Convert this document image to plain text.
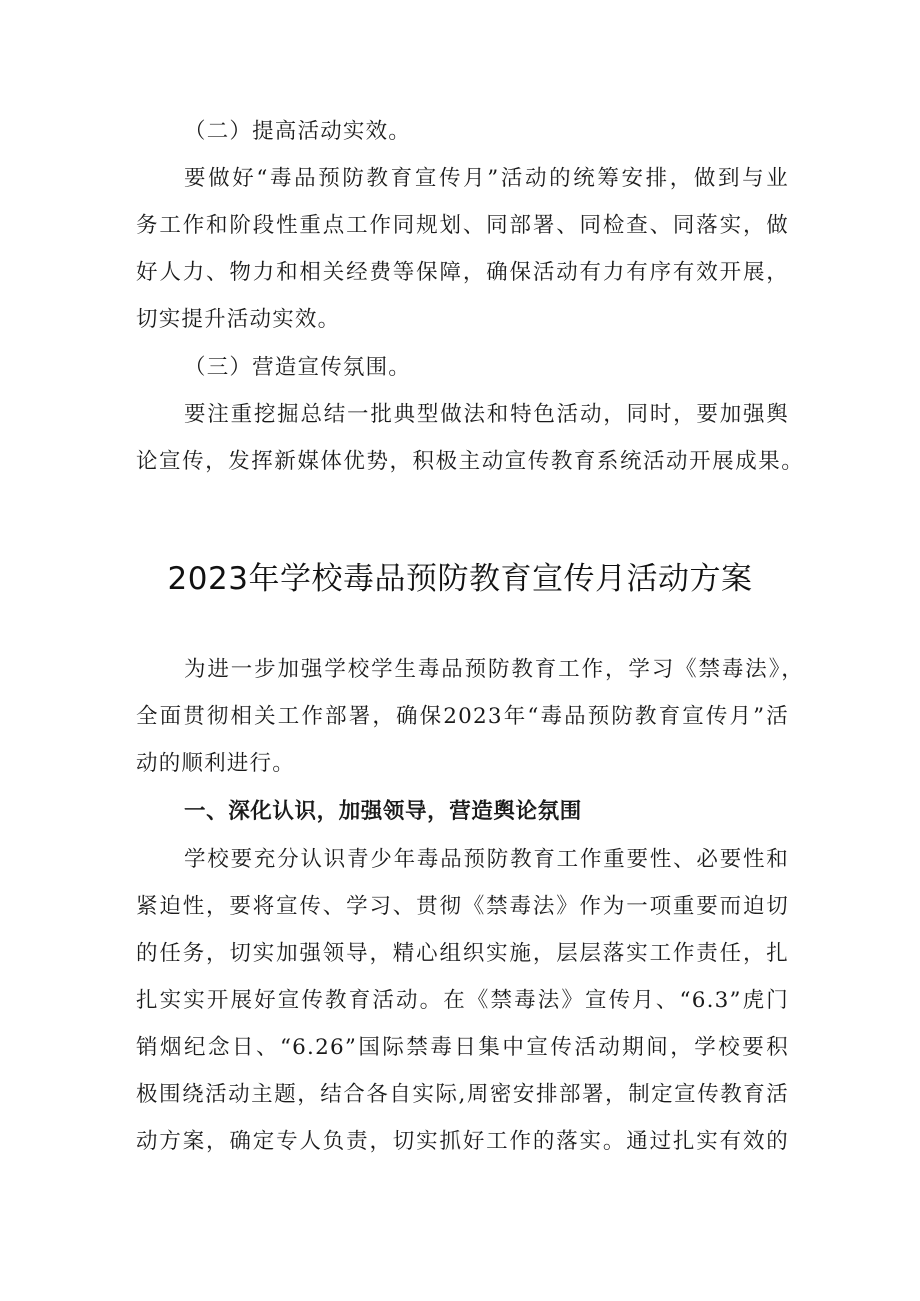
（二）提高活动实效。
要做好“毒品预防教育宣传月”活动的统筹安排，做到与业
务工作和阶段性重点工作同规划、同部署、同检查、同落实，做
好人力、物力和相关经费等保障，确保活动有力有序有效开展，
切实提升活动实效。
（三）营造宣传氛围。
要注重挖掘总结一批典型做法和特色活动，同时，要加强舆
论宣传，发挥新媒体优势，积极主动宣传教育系统活动开展成果。
2023年学校毒品预防教育宣传月活动方案
为进一步加强学校学生毒品预防教育工作，学习《禁毒法》，
全面贯彻相关工作部署，确保2023年“毒品预防教育宣传月”活
动的顺利进行。
一、深化认识，加强领导，营造舆论氛围
学校要充分认识青少年毒品预防教育工作重要性、必要性和
紧迫性，要将宣传、学习、贯彻《禁毒法》作为一项重要而迫切
的任务，切实加强领导，精心组织实施，层层落实工作责任，扎
扎实实开展好宣传教育活动。在《禁毒法》宣传月、“6.3”虎门
销烟纪念日、“6.26”国际禁毒日集中宣传活动期间，学校要积
极围绕活动主题，结合各自实际,周密安排部署，制定宣传教育活
动方案，确定专人负责，切实抓好工作的落实。通过扎实有效的
